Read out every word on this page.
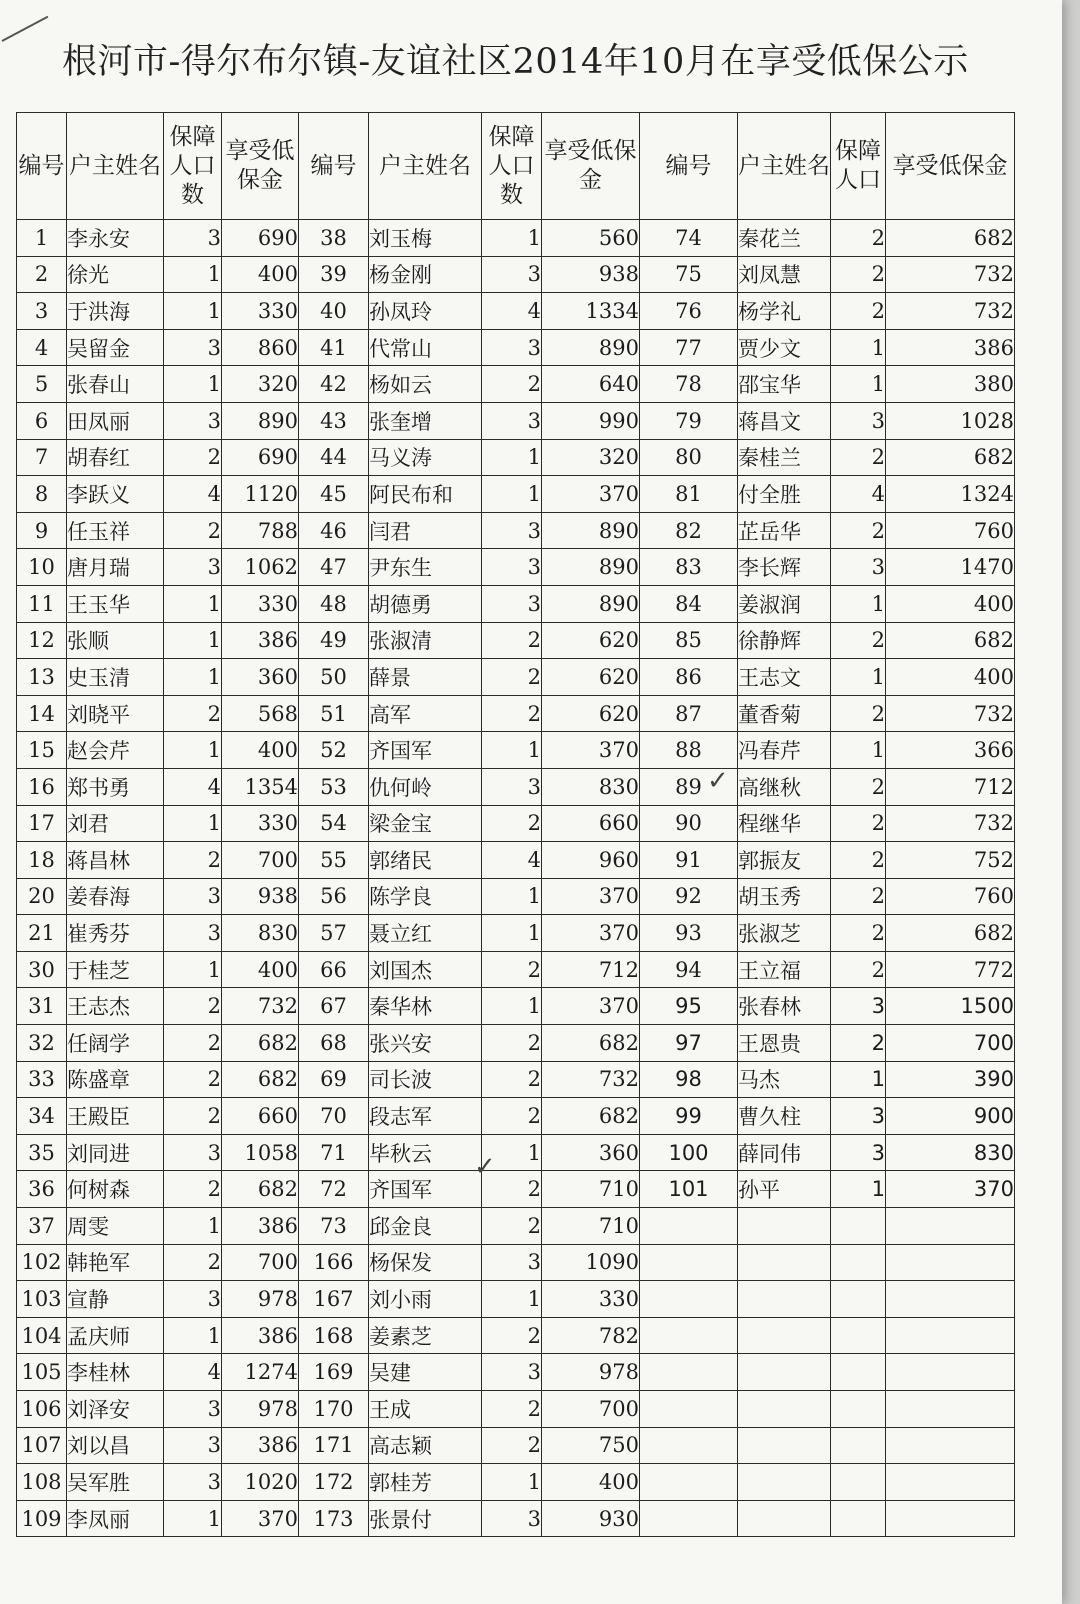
根河市-得尔布尔镇-友谊社区2014年10月在享受低保公示
编号	户主姓名	保障人口数	享受低保金	编号	户主姓名	保障人口数	享受低保金	编号	户主姓名	保障人口	享受低保金
1	李永安	3	690	38	刘玉梅	1	560	74	秦花兰	2	682
2	徐光	1	400	39	杨金刚	3	938	75	刘凤慧	2	732
3	于洪海	1	330	40	孙凤玲	4	1334	76	杨学礼	2	732
4	吴留金	3	860	41	代常山	3	890	77	贾少文	1	386
5	张春山	1	320	42	杨如云	2	640	78	邵宝华	1	380
6	田凤丽	3	890	43	张奎增	3	990	79	蒋昌文	3	1028
7	胡春红	2	690	44	马义涛	1	320	80	秦桂兰	2	682
8	李跃义	4	1120	45	阿民布和	1	370	81	付全胜	4	1324
9	任玉祥	2	788	46	闫君	3	890	82	芷岳华	2	760
10	唐月瑞	3	1062	47	尹东生	3	890	83	李长辉	3	1470
11	王玉华	1	330	48	胡德勇	3	890	84	姜淑润	1	400
12	张顺	1	386	49	张淑清	2	620	85	徐静辉	2	682
13	史玉清	1	360	50	薛景	2	620	86	王志文	1	400
14	刘晓平	2	568	51	高军	2	620	87	董香菊	2	732
15	赵会芹	1	400	52	齐国军	1	370	88	冯春芹	1	366
16	郑书勇	4	1354	53	仇何岭	3	830	89	高继秋	2	712
17	刘君	1	330	54	梁金宝	2	660	90	程继华	2	732
18	蒋昌林	2	700	55	郭绪民	4	960	91	郭振友	2	752
20	姜春海	3	938	56	陈学良	1	370	92	胡玉秀	2	760
21	崔秀芬	3	830	57	聂立红	1	370	93	张淑芝	2	682
30	于桂芝	1	400	66	刘国杰	2	712	94	王立福	2	772
31	王志杰	2	732	67	秦华林	1	370	95	张春林	3	1500
32	任阔学	2	682	68	张兴安	2	682	97	王恩贵	2	700
33	陈盛章	2	682	69	司长波	2	732	98	马杰	1	390
34	王殿臣	2	660	70	段志军	2	682	99	曹久柱	3	900
35	刘同进	3	1058	71	毕秋云	1	360	100	薛同伟	3	830
36	何树森	2	682	72	齐国军	2	710	101	孙平	1	370
37	周雯	1	386	73	邱金良	2	710				
102	韩艳军	2	700	166	杨保发	3	1090				
103	宣静	3	978	167	刘小雨	1	330				
104	孟庆师	1	386	168	姜素芝	2	782				
105	李桂林	4	1274	169	吴建	3	978				
106	刘泽安	3	978	170	王成	2	700				
107	刘以昌	3	386	171	高志颖	2	750				
108	吴军胜	3	1020	172	郭桂芳	1	400				
109	李凤丽	1	370	173	张景付	3	930				
✓
✓
